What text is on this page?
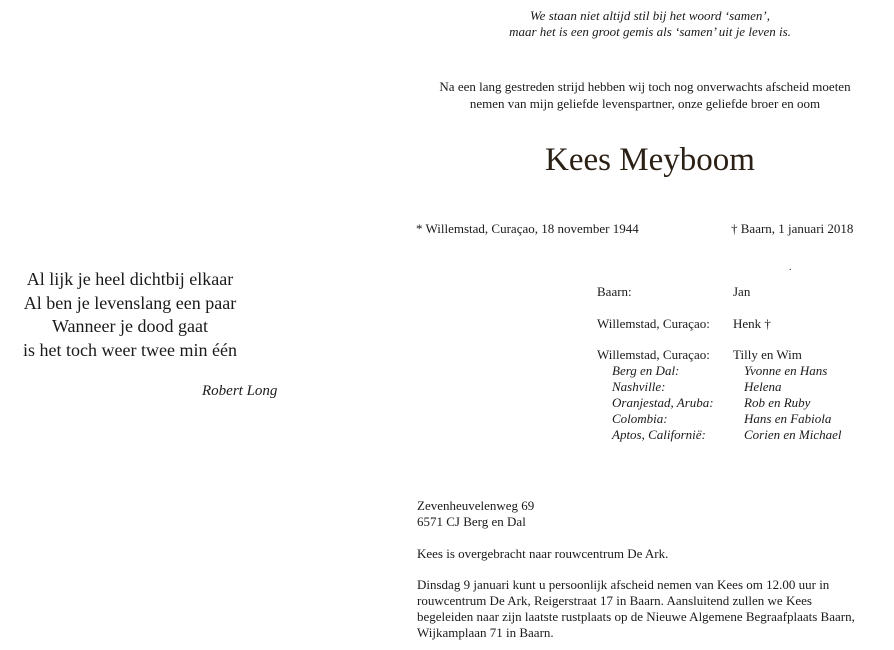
Al lijk je heel dichtbij elkaar
Al ben je levenslang een paar
Wanneer je dood gaat
is het toch weer twee min één
Robert Long
We staan niet altijd stil bij het woord ‘samen’,
maar het is een groot gemis als ‘samen’ uit je leven is.
Na een lang gestreden strijd hebben wij toch nog onverwachts afscheid moeten
nemen van mijn geliefde levenspartner, onze geliefde broer en oom
Kees Meyboom
* Willemstad, Curaçao, 18 november 1944	† Baarn, 1 januari 2018
.
Baarn:	Jan
Willemstad, Curaçao: Henk †
Willemstad, Curaçao: Tilly en Wim
Berg en Dal:	Yvonne en Hans
Nashville:	Helena
Oranjestad, Aruba: Rob en Ruby
Colombia:	Hans en Fabiola
Aptos, Californië:	Corien en Michael
Zevenheuvelenweg 69
6571 CJ Berg en Dal
Kees is overgebracht naar rouwcentrum De Ark.
Dinsdag 9 januari kunt u persoonlijk afscheid nemen van Kees om 12.00 uur in
rouwcentrum De Ark, Reigerstraat 17 in Baarn. Aansluitend zullen we Kees
begeleiden naar zijn laatste rustplaats op de Nieuwe Algemene Begraafplaats Baarn,
Wijkamplaan 71 in Baarn.
